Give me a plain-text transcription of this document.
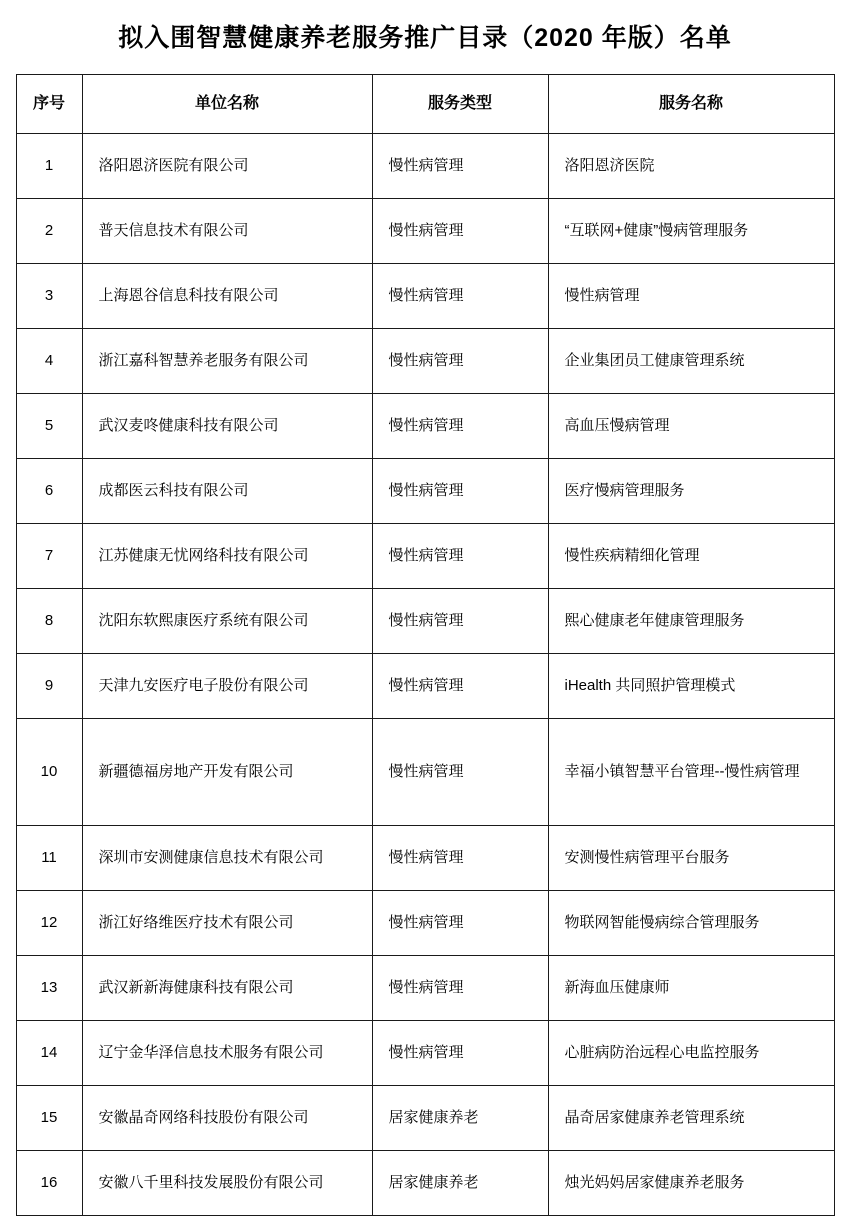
拟入围智慧健康养老服务推广目录（2020 年版）名单
序号	单位名称	服务类型	服务名称
1	洛阳恩济医院有限公司	慢性病管理	洛阳恩济医院
2	普天信息技术有限公司	慢性病管理	“互联网+健康”慢病管理服务
3	上海恩谷信息科技有限公司	慢性病管理	慢性病管理
4	浙江嘉科智慧养老服务有限公司	慢性病管理	企业集团员工健康管理系统
5	武汉麦咚健康科技有限公司	慢性病管理	高血压慢病管理
6	成都医云科技有限公司	慢性病管理	医疗慢病管理服务
7	江苏健康无忧网络科技有限公司	慢性病管理	慢性疾病精细化管理
8	沈阳东软熙康医疗系统有限公司	慢性病管理	熙心健康老年健康管理服务
9	天津九安医疗电子股份有限公司	慢性病管理	iHealth 共同照护管理模式
10	新疆德福房地产开发有限公司	慢性病管理	幸福小镇智慧平台管理--慢性病管理
11	深圳市安测健康信息技术有限公司	慢性病管理	安测慢性病管理平台服务
12	浙江好络维医疗技术有限公司	慢性病管理	物联网智能慢病综合管理服务
13	武汉新新海健康科技有限公司	慢性病管理	新海血压健康师
14	辽宁金华泽信息技术服务有限公司	慢性病管理	心脏病防治远程心电监控服务
15	安徽晶奇网络科技股份有限公司	居家健康养老	晶奇居家健康养老管理系统
16	安徽八千里科技发展股份有限公司	居家健康养老	烛光妈妈居家健康养老服务
